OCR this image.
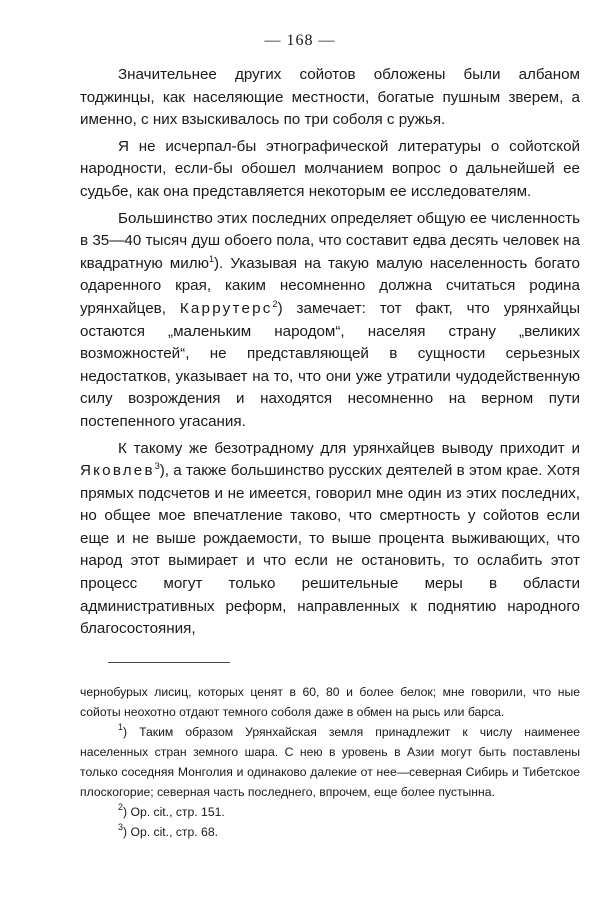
— 168 —

Значительнее других сойотов обложены были албаном тоджинцы, как населяющие местности, богатые пушным зверем, а именно, с них взыскивалось по три соболя с ружья.

Я не исчерпал-бы этнографической литературы о сойотской народности, если-бы обошел молчанием вопрос о дальнейшей ее судьбе, как она представляется некоторым ее исследователям.

Большинство этих последних определяет общую ее численность в 35—40 тысяч душ обоего пола, что составит едва десять человек на квадратную милю$^1$). Указывая на такую малую населенность богато одаренного края, каким несомненно должна считаться родина урянхайцев, Каррутерс$^2$) замечает: тот факт, что урянхайцы остаются „маленьким народом“, населяя страну „великих возможностей“, не представляющей в сущности серьезных недостатков, указывает на то, что они уже утратили чудодейственную силу возрождения и находятся несомненно на верном пути постепенного угасания.

К такому же безотрадному для урянхайцев выводу приходит и Яковлев$^3$), а также большинство русских деятелей в этом крае. Хотя прямых подсчетов и не имеется, говорил мне один из этих последних, но общее мое впечатление таково, что смертность у сойотов если еще и не выше рождаемости, то выше процента выживающих, что народ этот вымирает и что если не остановить, то ослабить этот процесс могут только решительные меры в области административных реформ, направленных к поднятию народного благосостояния,

чернобурых лисиц, которых ценят в 60, 80 и более белок; мне говорили, что ные сойоты неохотно отдают темного соболя даже в обмен на рысь или барса.

$^1$) Таким образом Урянхайская земля принадлежит к числу наименее населенных стран земного шара. С нею в уровень в Азии могут быть поставлены только соседняя Монголия и одинаково далекие от нее—северная Сибирь и Тибетское плоскогорие; северная часть последнего, впрочем, еще более пустынна.

$^2$) Op. cit., стр. 151.

$^3$) Op. cit., стр. 68.
